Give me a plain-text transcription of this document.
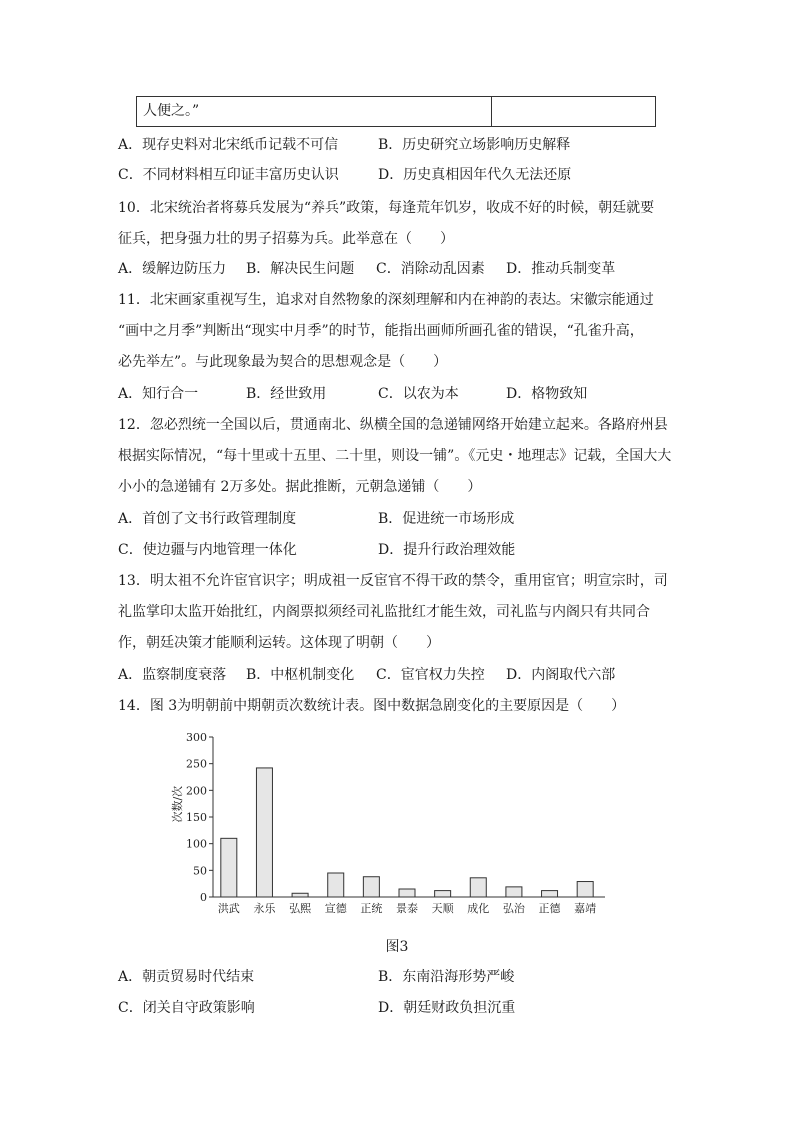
人便之。”
A．现存史料对北宋纸币记载不可信	B．历史研究立场影响历史解释
C．不同材料相互印证丰富历史认识	D．历史真相因年代久无法还原
10．北宋统治者将募兵发展为“养兵”政策，每逢荒年饥岁，收成不好的时候，朝廷就要
征兵，把身强力壮的男子招募为兵。此举意在（　　）
A．缓解边防压力 B．解决民生问题 C．消除动乱因素 D．推动兵制变革
11．北宋画家重视写生，追求对自然物象的深刻理解和内在神韵的表达。宋徽宗能通过
“画中之月季”判断出“现实中月季”的时节，能指出画师所画孔雀的错误，“孔雀升高，
必先举左”。与此现象最为契合的思想观念是（　　）
A．知行合一	B．经世致用	C．以农为本	D．格物致知
12．忽必烈统一全国以后，贯通南北、纵横全国的急递铺网络开始建立起来。各路府州县
根据实际情况，“每十里或十五里、二十里，则设一铺”。《元史・地理志》记载，全国大大
小小的急递铺有 2万多处。据此推断，元朝急递铺（　　）
A．首创了文书行政管理制度	B．促进统一市场形成
C．使边疆与内地管理一体化	D．提升行政治理效能
13．明太祖不允许宦官识字；明成祖一反宦官不得干政的禁令，重用宦官；明宣宗时，司
礼监掌印太监开始批红，内阁票拟须经司礼监批红才能生效，司礼监与内阁只有共同合
作，朝廷决策才能顺利运转。这体现了明朝（　　）
A．监察制度衰落 B．中枢机制变化 C．宦官权力失控 D．内阁取代六部
14．图 3为明朝前中期朝贡次数统计表。图中数据急剧变化的主要原因是（　　）
0
50
100
150
200
250
300
次数/次
洪武 永乐 弘熙 宣德 正统 景泰 天顺 成化 弘治 正德 嘉靖
图3
A．朝贡贸易时代结束	B．东南沿海形势严峻
C．闭关自守政策影响	D．朝廷财政负担沉重
